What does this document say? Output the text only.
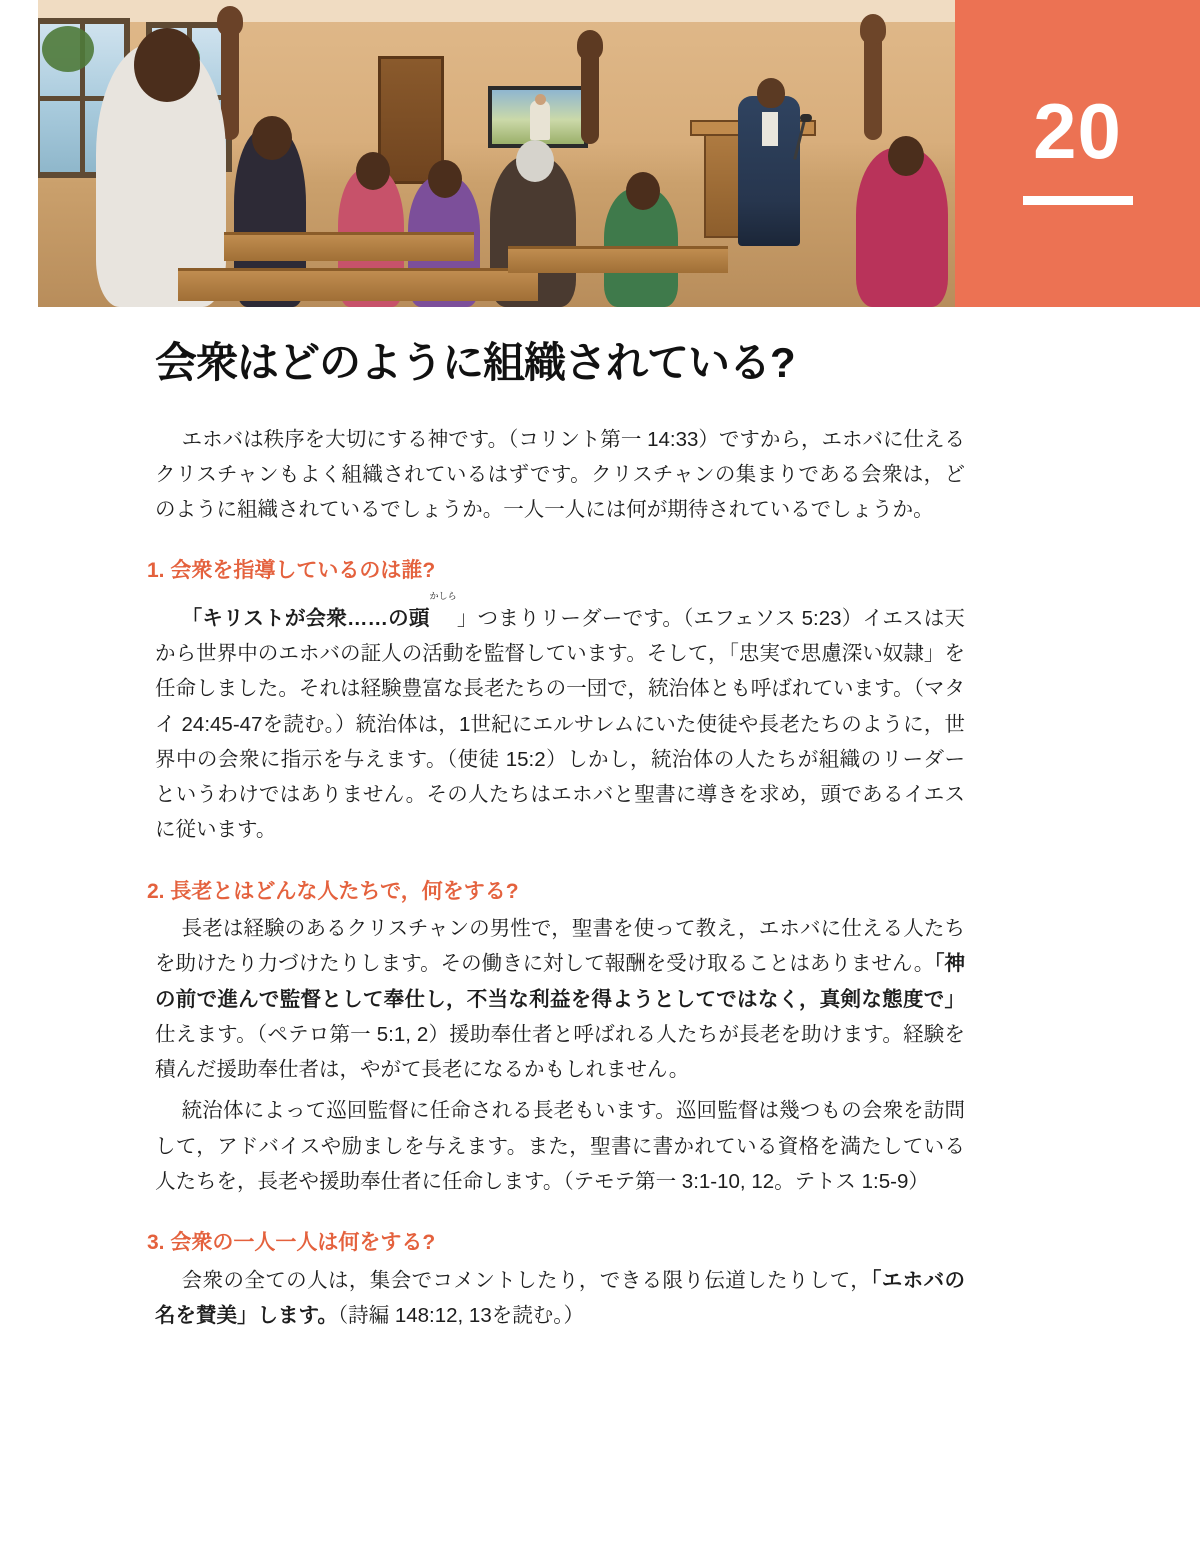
20
会衆はどのように組織されている?

エホバは秩序を大切にする神です。（コリント第一 14:33）ですから，エホバに仕えるクリスチャンもよく組織されているはずです。クリスチャンの集まりである会衆は，どのように組織されているでしょうか。一人一人には何が期待されているでしょうか。

1. 会衆を指導しているのは誰?

「キリストが会衆……の頭かしら」つまりリーダーです。（エフェソス 5:23）イエスは天から世界中のエホバの証人の活動を監督しています。そして，「忠実で思慮深い奴隷」を任命しました。それは経験豊富な長老たちの一団で，統治体とも呼ばれています。（マタイ 24:45‐47を読む。）統治体は，1世紀にエルサレムにいた使徒や長老たちのように，世界中の会衆に指示を与えます。（使徒 15:2）しかし，統治体の人たちが組織のリーダーというわけではありません。その人たちはエホバと聖書に導きを求め，頭であるイエスに従います。

2. 長老とはどんな人たちで，何をする?

長老は経験のあるクリスチャンの男性で，聖書を使って教え，エホバに仕える人たちを助けたり力づけたりします。その働きに対して報酬を受け取ることはありません。「神の前で進んで監督として奉仕し，不当な利益を得ようとしてではなく，真剣な態度で」仕えます。（ペテロ第一 5:1, 2）援助奉仕者と呼ばれる人たちが長老を助けます。経験を積んだ援助奉仕者は，やがて長老になるかもしれません。

統治体によって巡回監督に任命される長老もいます。巡回監督は幾つもの会衆を訪問して，アドバイスや励ましを与えます。また，聖書に書かれている資格を満たしている人たちを，長老や援助奉仕者に任命します。（テモテ第一 3:1‐10, 12。テトス 1:5‐9）

3. 会衆の一人一人は何をする?

会衆の全ての人は，集会でコメントしたり，できる限り伝道したりして，「エホバの名を賛美」します。（詩編 148:12, 13を読む。）
